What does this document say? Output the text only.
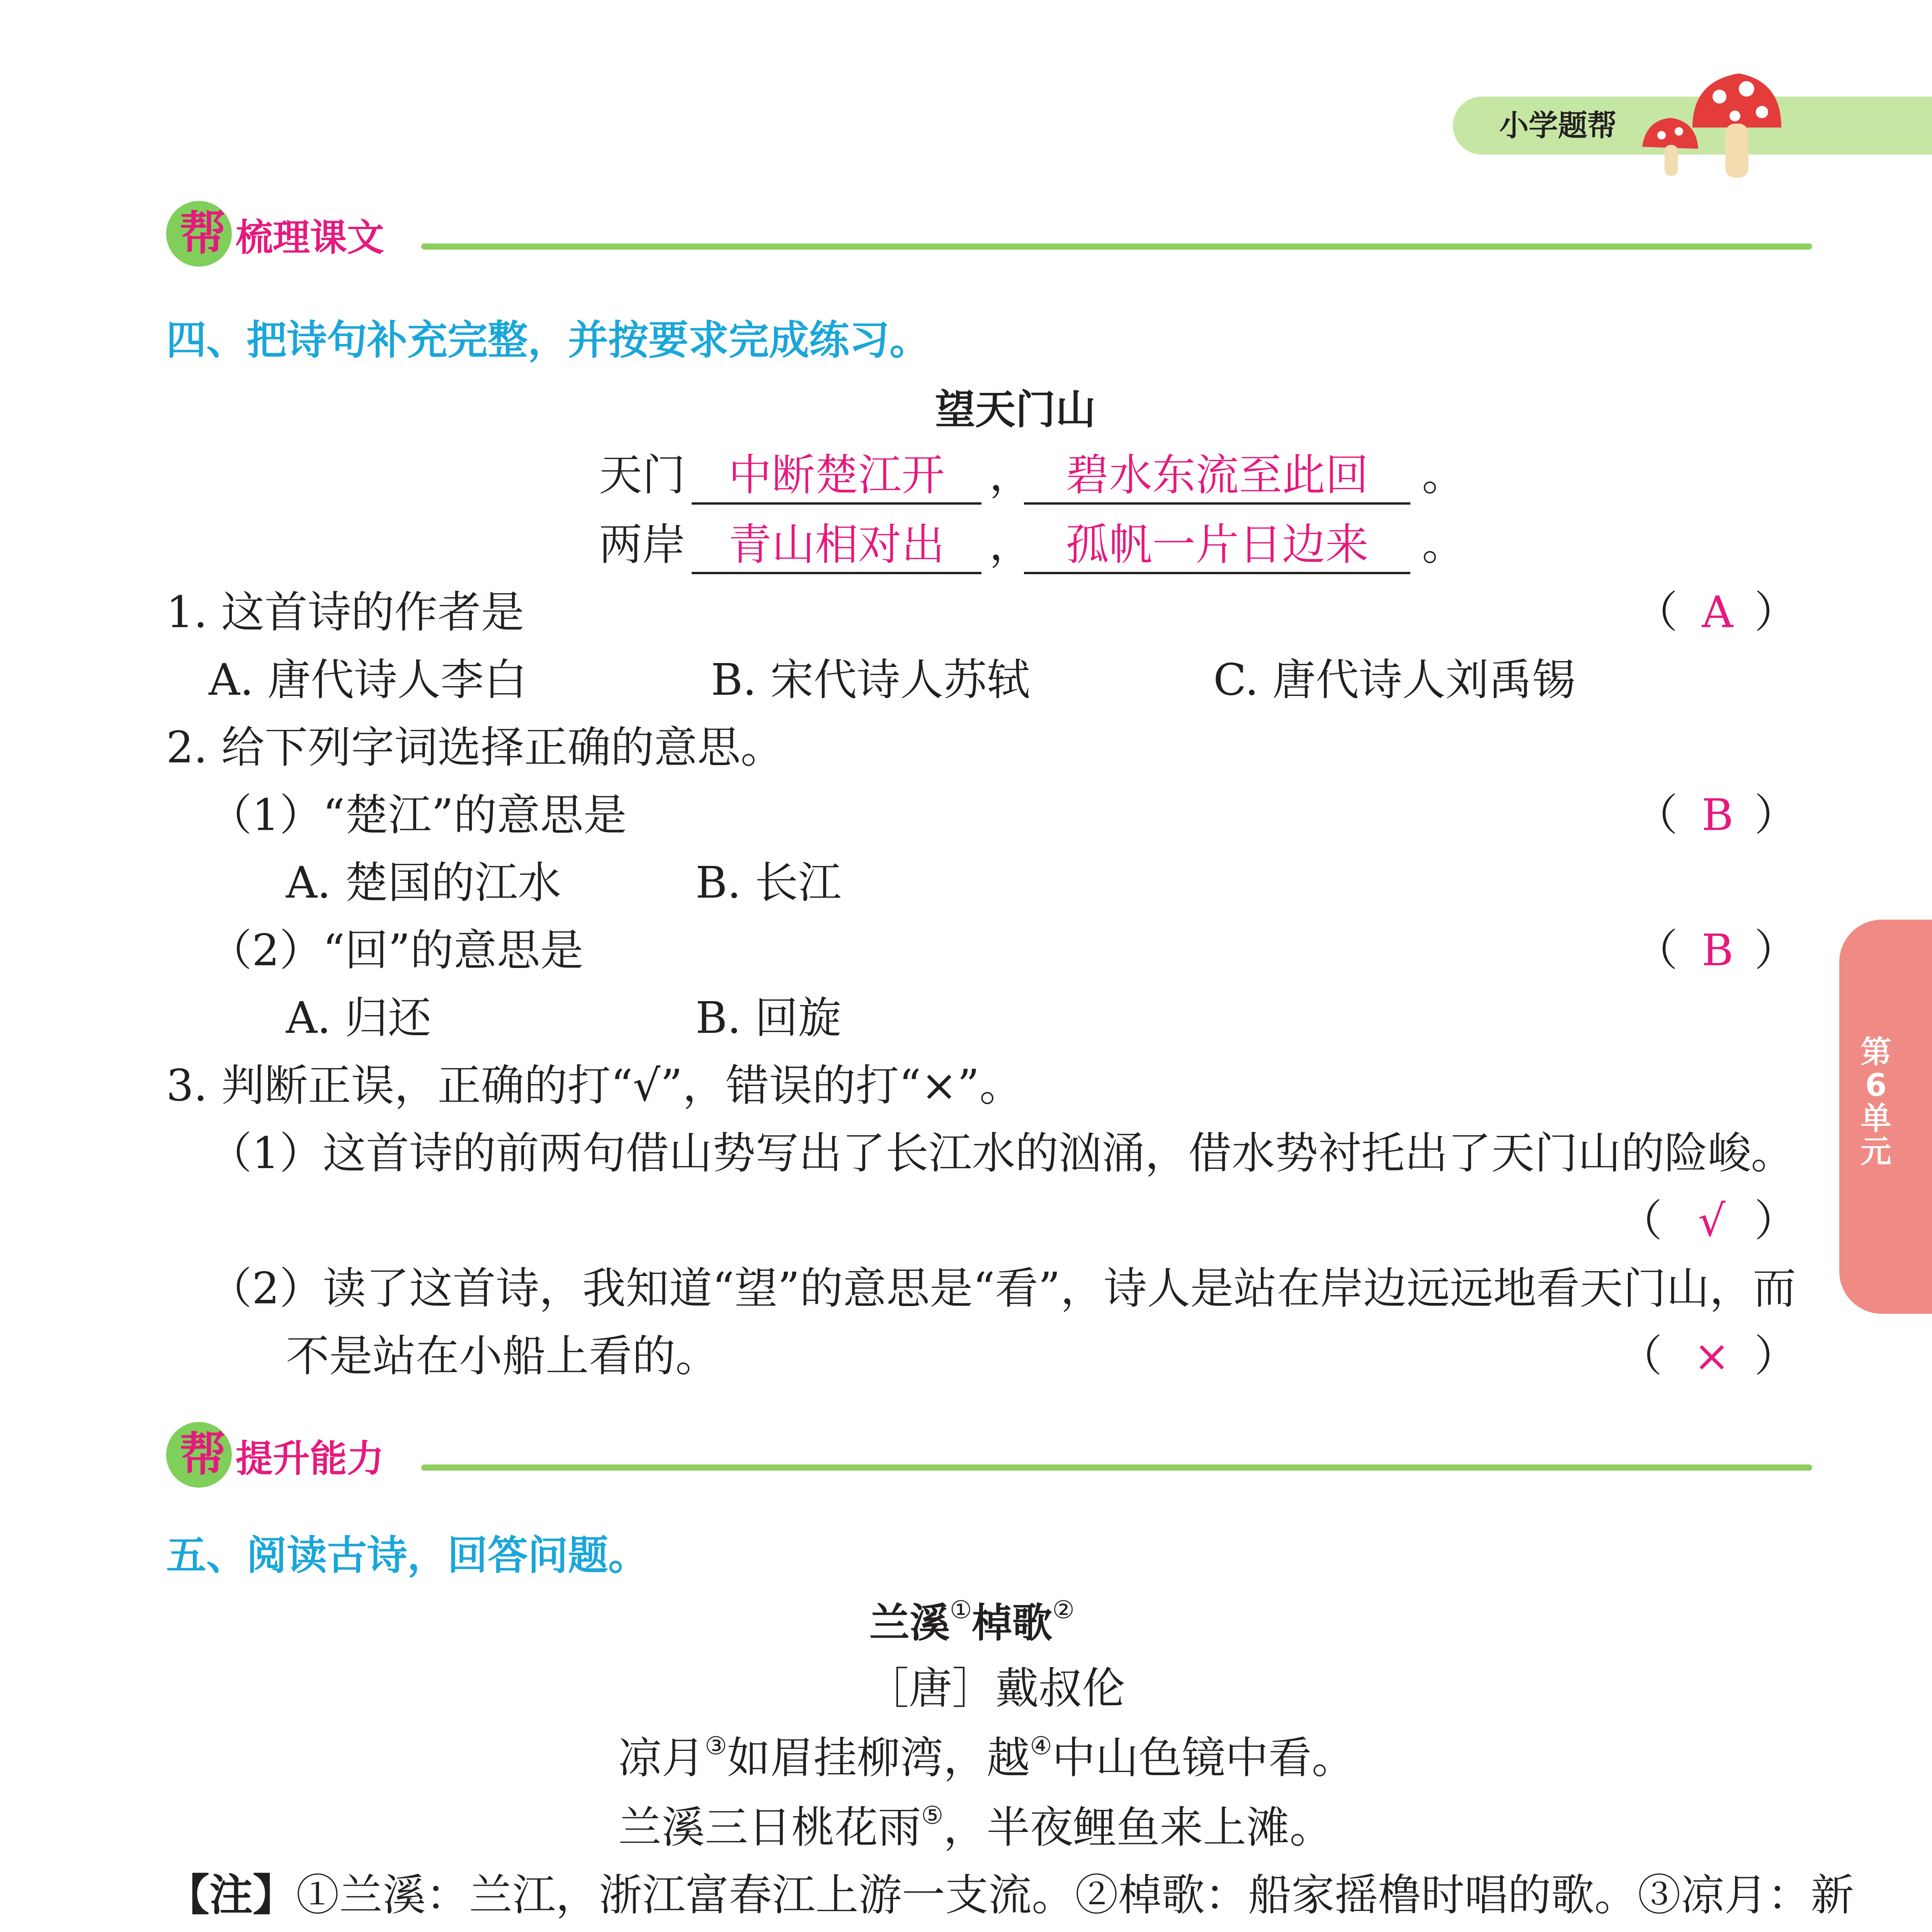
小学题帮
帮 梳理课文
四、把诗句补充完整，并按要求完成练习。
望天门山
天门 中断楚江开	， 碧水东流至此回	。
两岸 青山相对出	， 孤帆一片日边来	。
1. 这首诗的作者是	（ A ）
A. 唐代诗人李白	B. 宋代诗人苏轼	C. 唐代诗人刘禹锡
2. 给下列字词选择正确的意思。
（1）“楚江”的意思是	（ B ）
A. 楚国的江水	B. 长江
（2）“回”的意思是	（ B ）
A. 归还	B. 回旋
3. 判断正误，正确的打“√”，错误的打“×”。
（1）这首诗的前两句借山势写出了长江水的汹涌，借水势衬托出了天门山的险峻。
（ √ ）
（2）读了这首诗，我知道“望”的意思是“看”，诗人是站在岸边远远地看天门山，而
不是站在小船上看的。	（ × ）
帮 提升能力
五、阅读古诗，回答问题。
兰溪①棹歌②
［唐］戴叔伦
凉月③如眉挂柳湾，越④中山色镜中看。
兰溪三日桃花雨⑤，半夜鲤鱼来上滩。
【注】①兰溪：兰江，浙江富春江上游一支流。②棹歌：船家摇橹时唱的歌。③凉月：新
第
6
单
元
